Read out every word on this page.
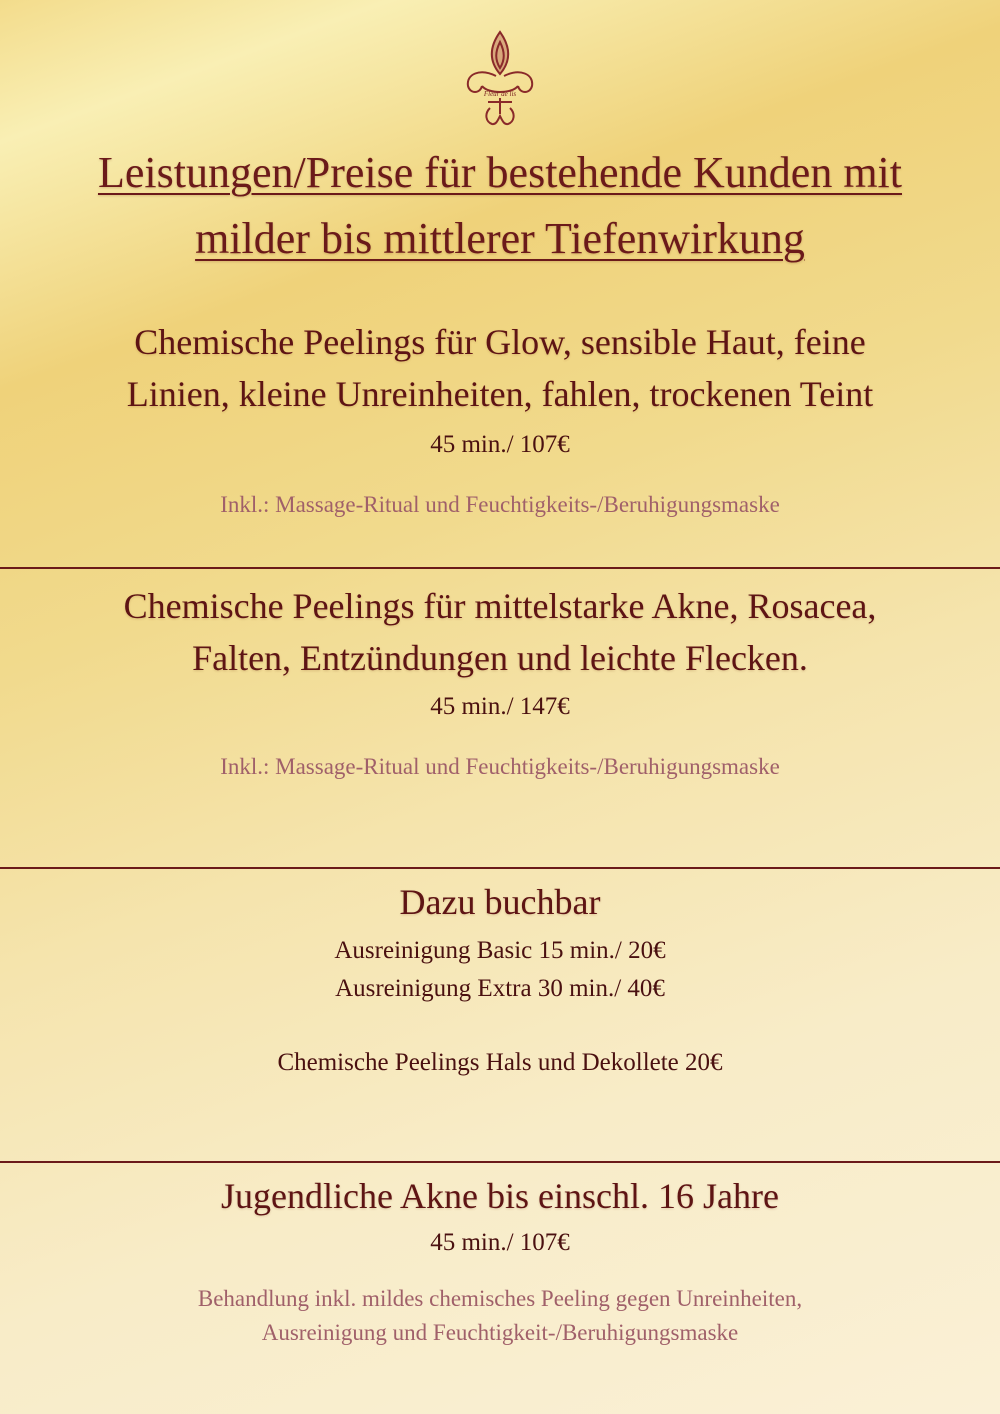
Fleur de lis
Leistungen/Preise für bestehende Kunden mit
milder bis mittlerer Tiefenwirkung
Chemische Peelings für Glow, sensible Haut, feine
Linien, kleine Unreinheiten, fahlen, trockenen Teint
45 min./ 107€
Inkl.: Massage-Ritual und Feuchtigkeits-/Beruhigungsmaske
Chemische Peelings für mittelstarke Akne, Rosacea,
Falten, Entzündungen und leichte Flecken.
45 min./ 147€
Inkl.: Massage-Ritual und Feuchtigkeits-/Beruhigungsmaske
Dazu buchbar
Ausreinigung Basic 15 min./ 20€
Ausreinigung Extra 30 min./ 40€
Chemische Peelings Hals und Dekollete 20€
Jugendliche Akne bis einschl. 16 Jahre
45 min./ 107€
Behandlung inkl. mildes chemisches Peeling gegen Unreinheiten,
Ausreinigung und Feuchtigkeit-/Beruhigungsmaske
